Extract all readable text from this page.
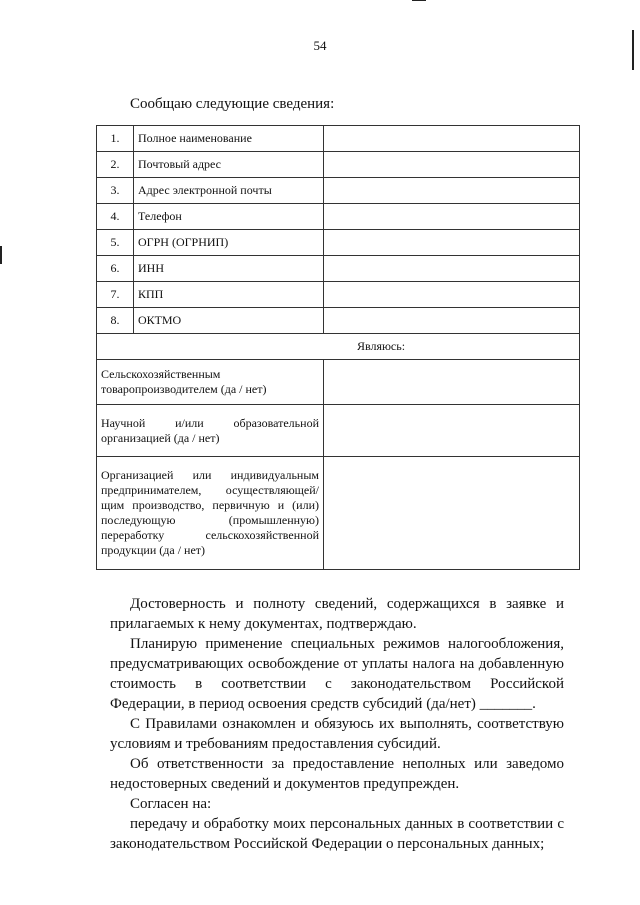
54
Сообщаю следующие сведения:
1.	Полное наименование	
2.	Почтовый адрес	
3.	Адрес электронной почты	
4.	Телефон	
5.	ОГРН (ОГРНИП)	
6.	ИНН	
7.	КПП	
8.	ОКТМО	
Являюсь:		
Сельскохозяйственным товаропроизводителем (да / нет)		
Научной и/или образовательной организацией (да / нет)		
Организацией или индивидуальным предпринимателем, осуществляющей/щим производство, первичную и (или) последующую (промышленную) переработку сельскохозяйственной продукции (да / нет)		

Достоверность и полноту сведений, содержащихся в заявке и прилагаемых к нему документах, подтверждаю.

Планирую применение специальных режимов налогообложения, предусматривающих освобождение от уплаты налога на добавленную стоимость в соответствии с законодательством Российской Федерации, в период освоения средств субсидий (да/нет) _______.

С Правилами ознакомлен и обязуюсь их выполнять, соответствую условиям и требованиям предоставления субсидий.

Об ответственности за предоставление неполных или заведомо недостоверных сведений и документов предупрежден.

Согласен на:

передачу и обработку моих персональных данных в соответствии с законодательством Российской Федерации о персональных данных;
